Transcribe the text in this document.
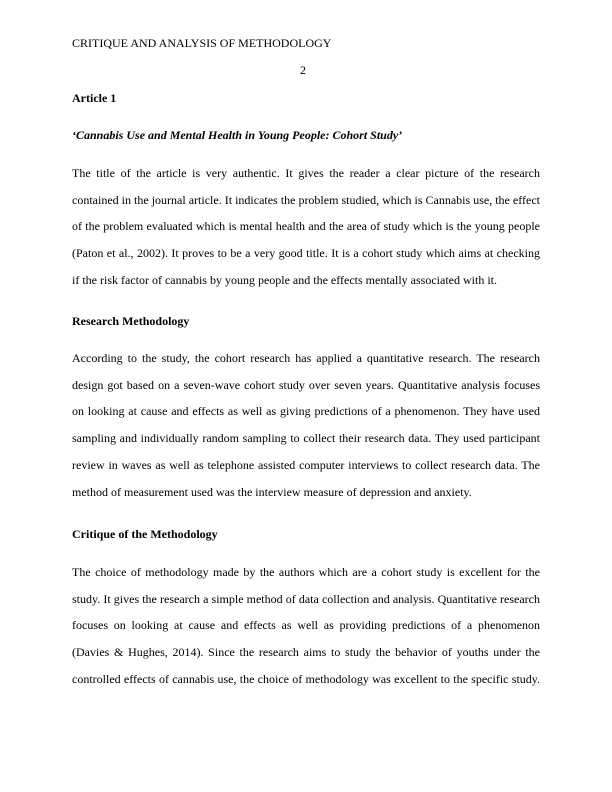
CRITIQUE AND ANALYSIS OF METHODOLOGY
2
Article 1
‘Cannabis Use and Mental Health in Young People: Cohort Study’

The title of the article is very authentic. It gives the reader a clear picture of the research contained in the journal article. It indicates the problem studied, which is Cannabis use, the effect of the problem evaluated which is mental health and the area of study which is the young people (Paton et al., 2002). It proves to be a very good title. It is a cohort study which aims at checking if the risk factor of cannabis by young people and the effects mentally associated with it.

Research Methodology

According to the study, the cohort research has applied a quantitative research. The research design got based on a seven-wave cohort study over seven years. Quantitative analysis focuses on looking at cause and effects as well as giving predictions of a phenomenon. They have used sampling and individually random sampling to collect their research data. They used participant review in waves as well as telephone assisted computer interviews to collect research data. The method of measurement used was the interview measure of depression and anxiety.

Critique of the Methodology

The choice of methodology made by the authors which are a cohort study is excellent for the study. It gives the research a simple method of data collection and analysis. Quantitative research focuses on looking at cause and effects as well as providing predictions of a phenomenon (Davies & Hughes, 2014). Since the research aims to study the behavior of youths under the controlled effects of cannabis use, the choice of methodology was excellent to the specific study.
